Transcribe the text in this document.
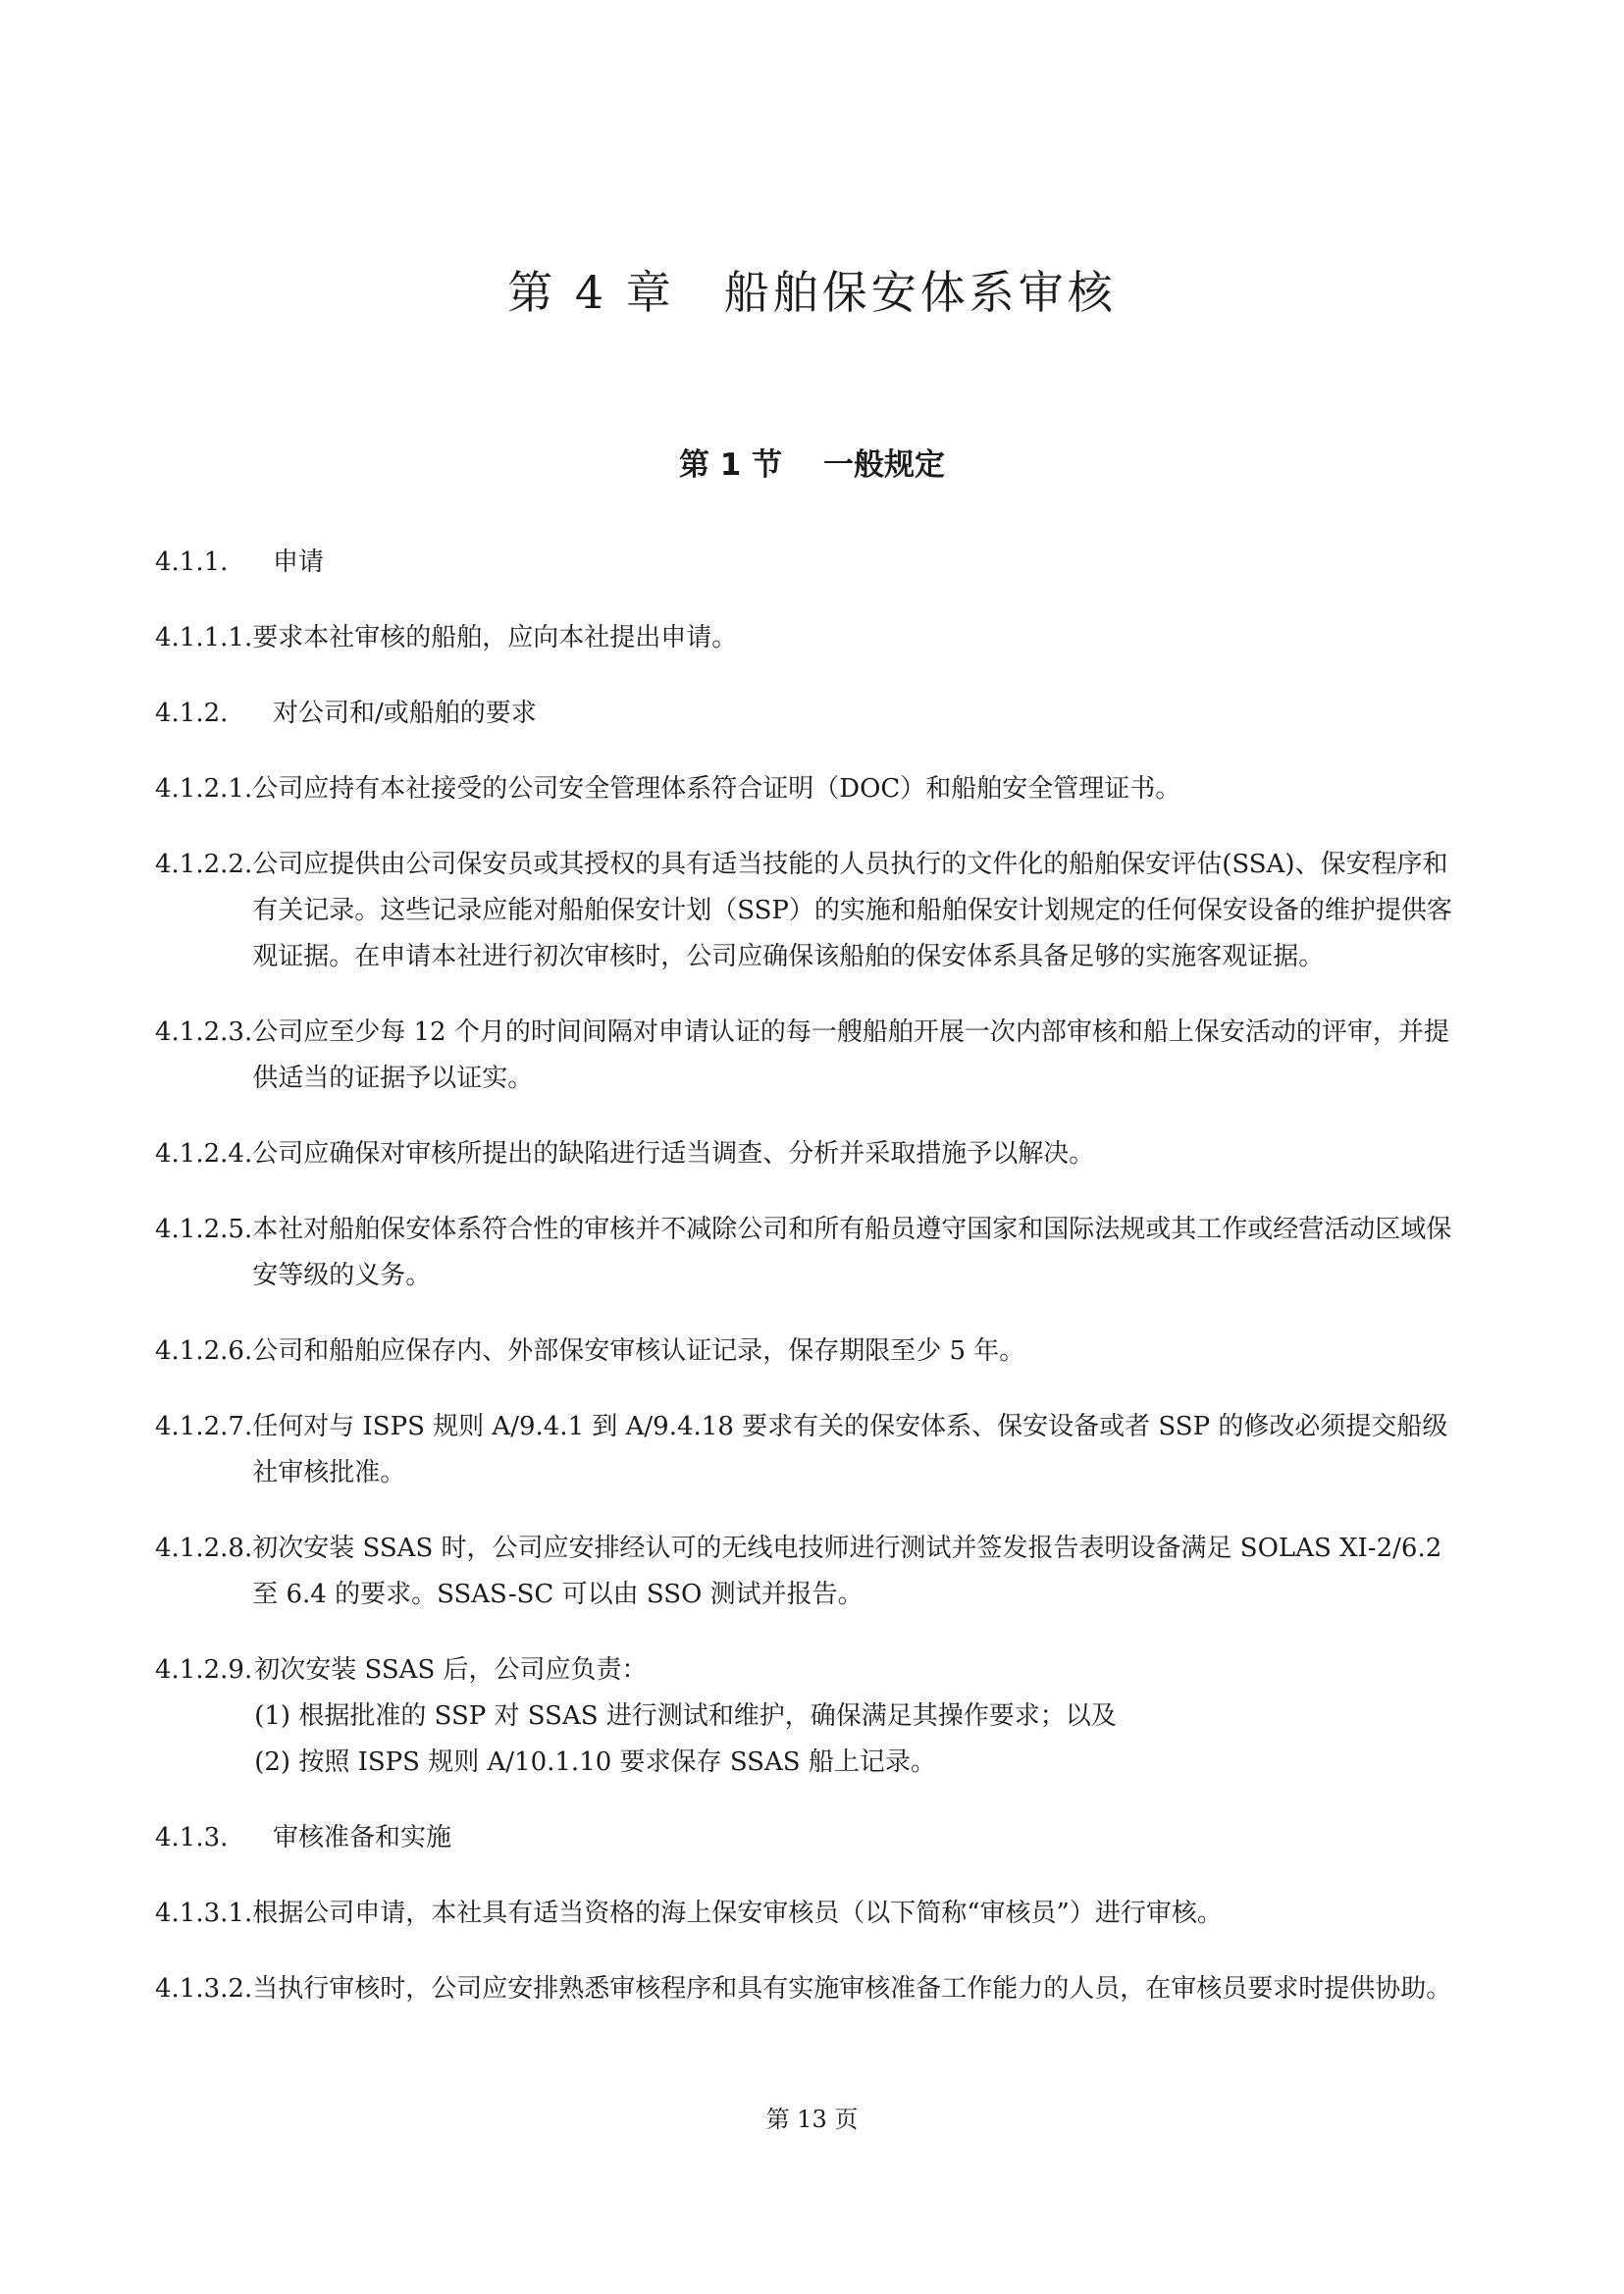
第 4 章　船舶保安体系审核
第 1 节　 一般规定
4.1.1.	申请
4.1.1.1. 要求本社审核的船舶，应向本社提出申请。
4.1.2.	对公司和/或船舶的要求
4.1.2.1. 公司应持有本社接受的公司安全管理体系符合证明（DOC）和船舶安全管理证书。
4.1.2.2. 公司应提供由公司保安员或其授权的具有适当技能的人员执行的文件化的船舶保安评估(SSA)、保安程序和有关记录。这些记录应能对船舶保安计划（SSP）的实施和船舶保安计划规定的任何保安设备的维护提供客观证据。在申请本社进行初次审核时，公司应确保该船舶的保安体系具备足够的实施客观证据。
4.1.2.3. 公司应至少每 12 个月的时间间隔对申请认证的每一艘船舶开展一次内部审核和船上保安活动的评审，并提供适当的证据予以证实。
4.1.2.4. 公司应确保对审核所提出的缺陷进行适当调查、分析并采取措施予以解决。
4.1.2.5. 本社对船舶保安体系符合性的审核并不减除公司和所有船员遵守国家和国际法规或其工作或经营活动区域保安等级的义务。
4.1.2.6. 公司和船舶应保存内、外部保安审核认证记录，保存期限至少 5 年。
4.1.2.7. 任何对与 ISPS 规则 A/9.4.1 到 A/9.4.18 要求有关的保安体系、保安设备或者 SSP 的修改必须提交船级社审核批准。
4.1.2.8. 初次安装 SSAS 时，公司应安排经认可的无线电技师进行测试并签发报告表明设备满足 SOLAS XI-2/6.2 至 6.4 的要求。SSAS-SC 可以由 SSO 测试并报告。
4.1.2.9. 初次安装 SSAS 后，公司应负责：
(1) 根据批准的 SSP 对 SSAS 进行测试和维护，确保满足其操作要求；以及
(2) 按照 ISPS 规则 A/10.1.10 要求保存 SSAS 船上记录。
4.1.3.	审核准备和实施
4.1.3.1. 根据公司申请，本社具有适当资格的海上保安审核员（以下简称“审核员”）进行审核。
4.1.3.2. 当执行审核时，公司应安排熟悉审核程序和具有实施审核准备工作能力的人员，在审核员要求时提供协助。
第 13 页
